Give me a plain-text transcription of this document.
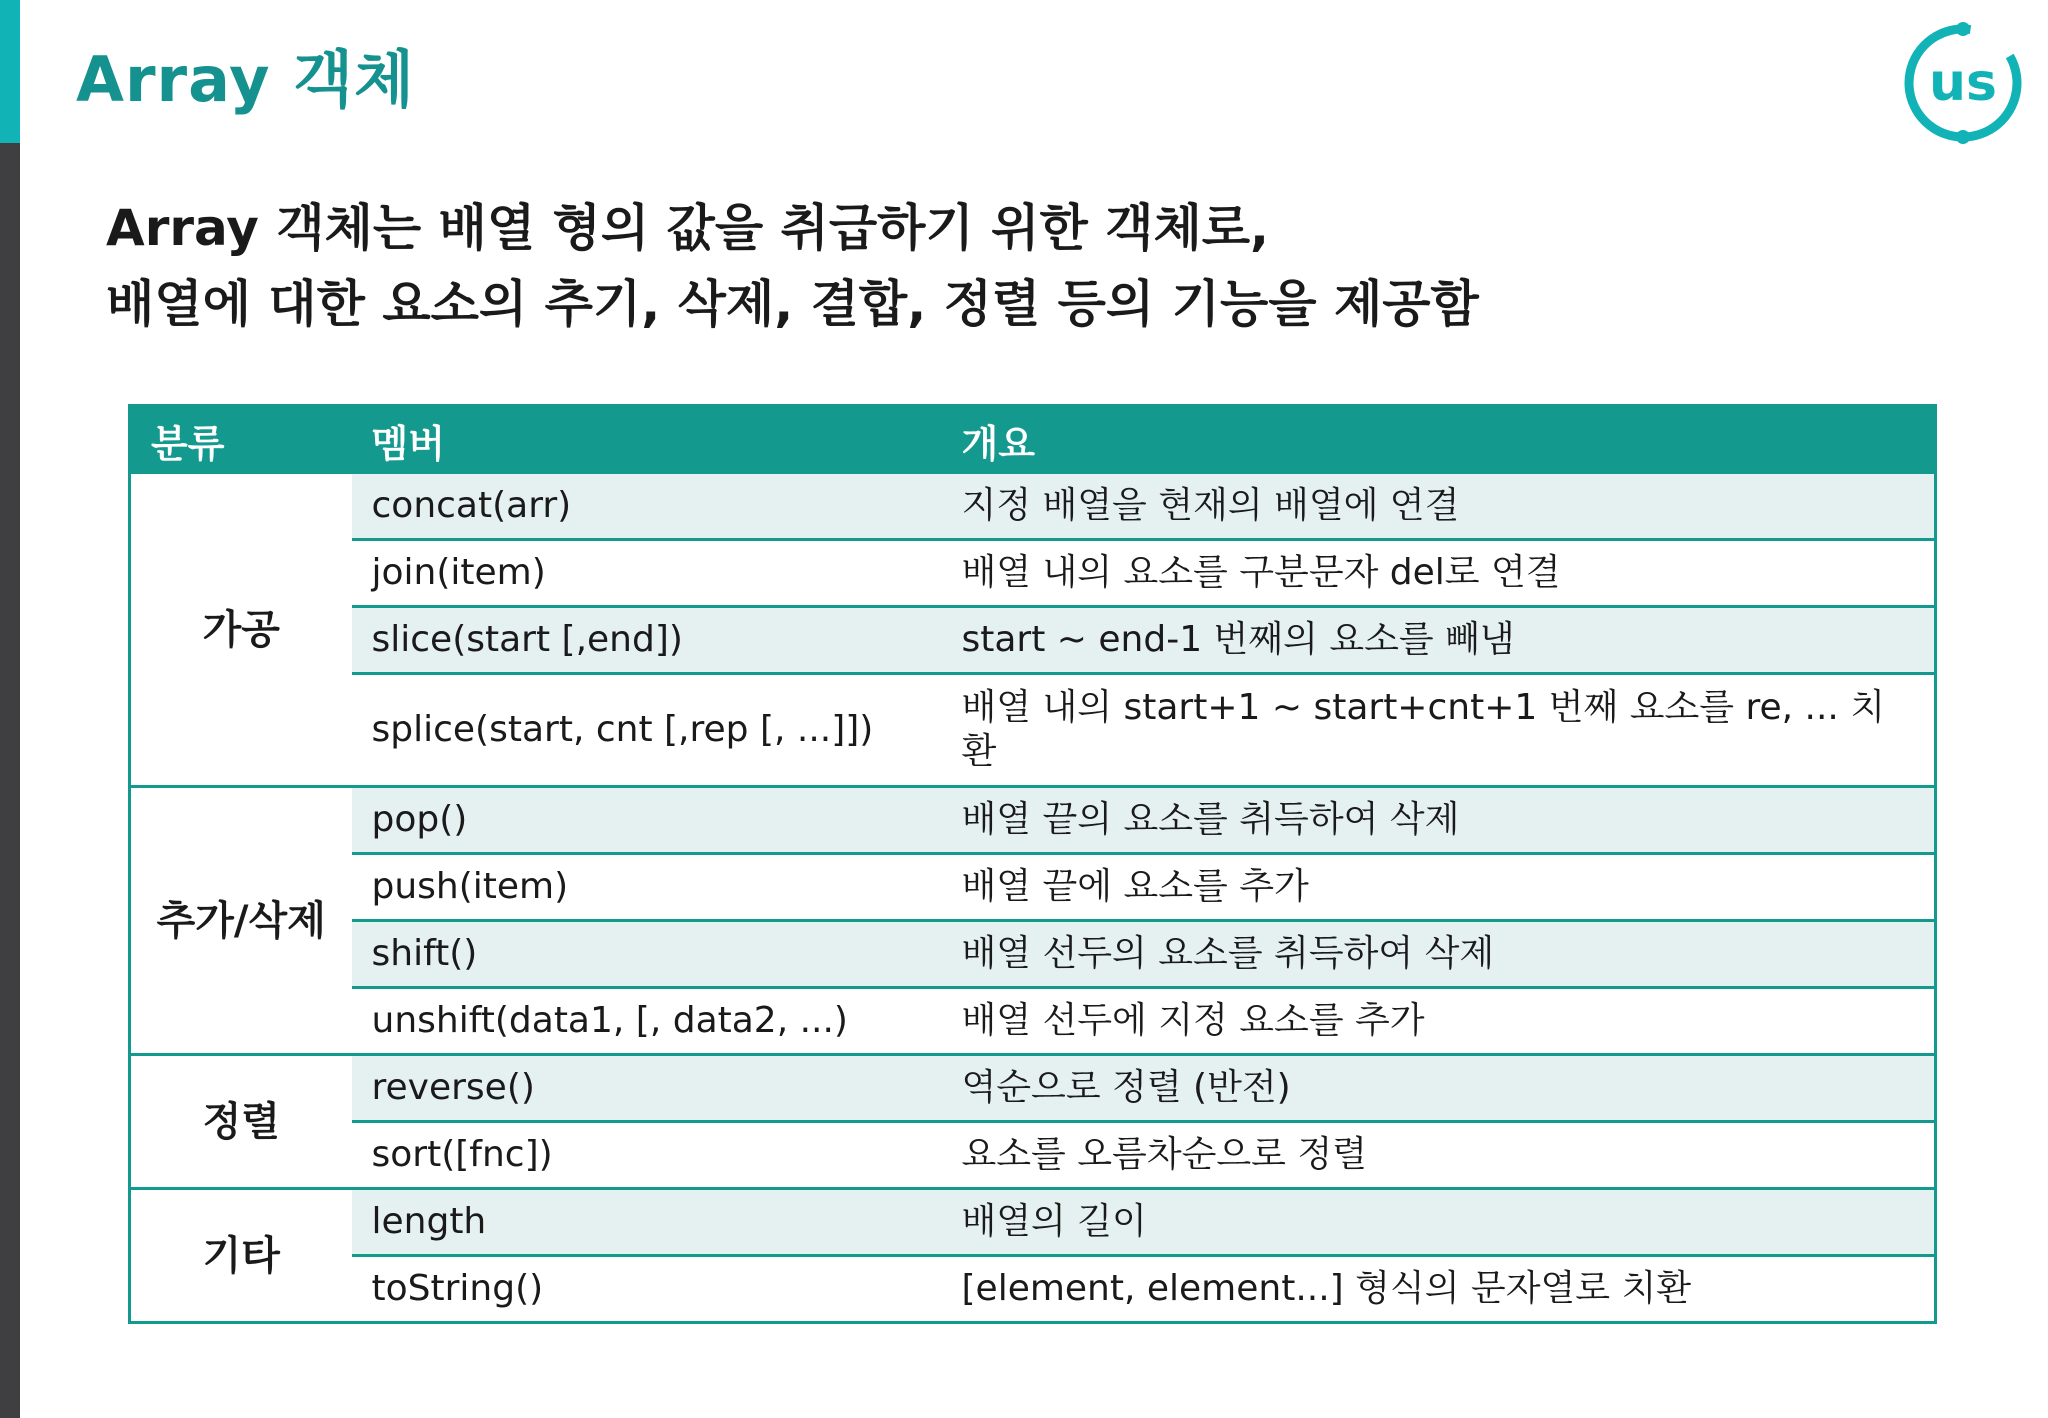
Array 객체	us
Array 객체는 배열 형의 값을 취급하기 위한 객체로,
배열에 대한 요소의 추기, 삭제, 결합, 정렬 등의 기능을 제공함
분류	멤버	개요
가공	concat(arr)	지정 배열을 현재의 배열에 연결
	join(item)	배열 내의 요소를 구분문자 del로 연결
	slice(start [,end])	start ~ end-1 번째의 요소를 빼냄
	splice(start, cnt [,rep [, ...]])	배열 내의 start+1 ~ start+cnt+1 번째 요소를 re, ... 치환
추가/삭제	pop()	배열 끝의 요소를 취득하여 삭제
	push(item)	배열 끝에 요소를 추가
	shift()	배열 선두의 요소를 취득하여 삭제
	unshift(data1, [, data2, ...)	배열 선두에 지정 요소를 추가
정렬	reverse()	역순으로 정렬 (반전)
	sort([fnc])	요소를 오름차순으로 정렬
기타	length	배열의 길이
	toString()	[element, element...] 형식의 문자열로 치환
